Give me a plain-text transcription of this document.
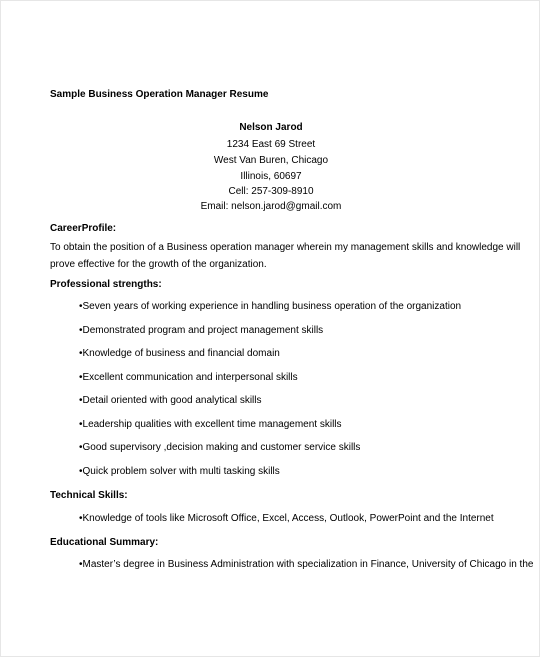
Sample Business Operation Manager Resume
Nelson Jarod
1234 East 69 Street
West Van Buren, Chicago
Illinois, 60697
Cell: 257-309-8910
Email: nelson.jarod@gmail.com
CareerProfile:
To obtain the position of a Business operation manager wherein my management skills and knowledge will
prove effective for the growth of the organization.
Professional strengths:
•Seven years of working experience in handling business operation of the organization
•Demonstrated program and project management skills
•Knowledge of business and financial domain
•Excellent communication and interpersonal skills
•Detail oriented with good analytical skills
•Leadership qualities with excellent time management skills
•Good supervisory ,decision making and customer service skills
•Quick problem solver with multi tasking skills
Technical Skills:
•Knowledge of tools like Microsoft Office, Excel, Access, Outlook, PowerPoint and the Internet
Educational Summary:
•Master’s degree in Business Administration with specialization in Finance, University of Chicago in the
